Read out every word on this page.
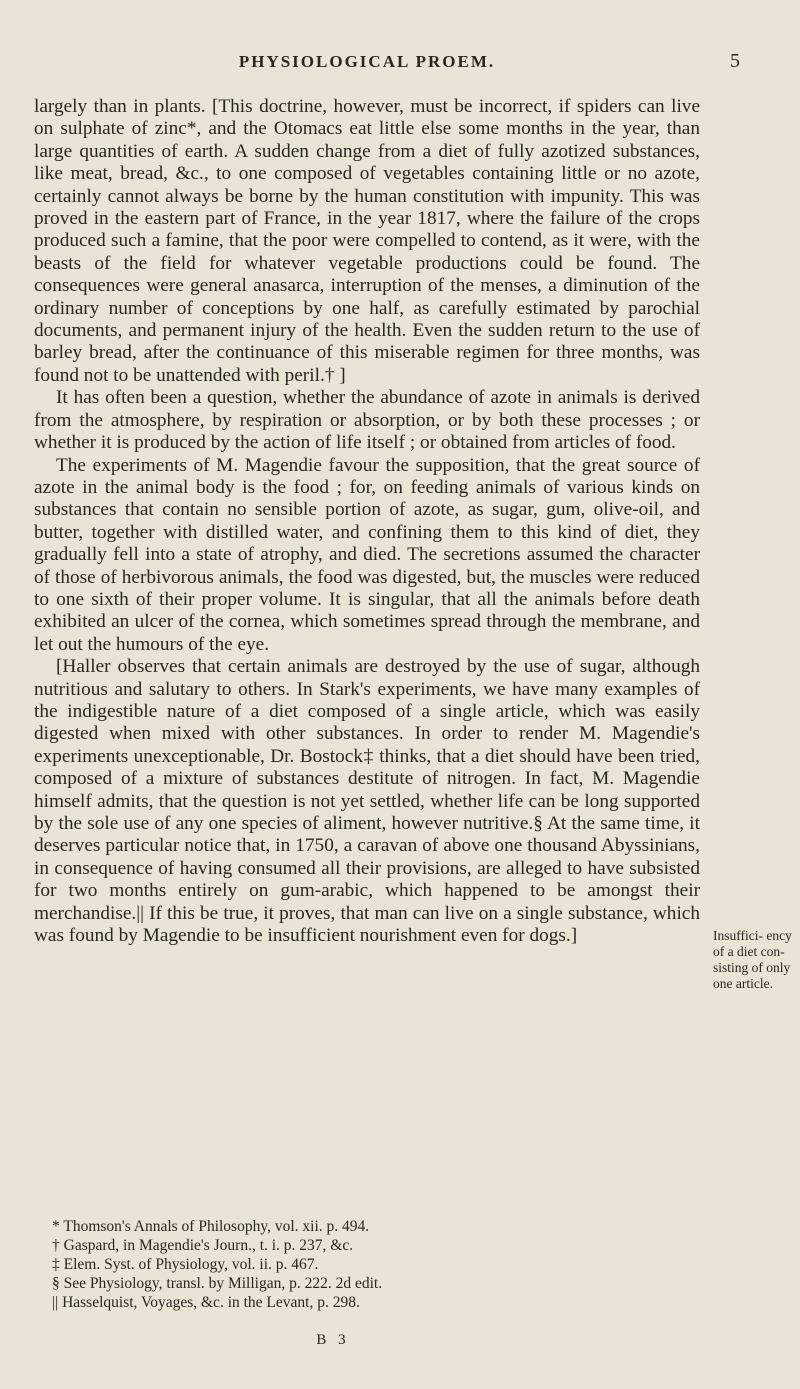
PHYSIOLOGICAL PROEM.	5

largely than in plants. [This doctrine, however, must be incorrect, if spiders can live on sulphate of zinc*, and the Otomacs eat little else some months in the year, than large quantities of earth. A sudden change from a diet of fully azotized substances, like meat, bread, &c., to one composed of vegetables containing little or no azote, certainly cannot always be borne by the human constitution with impunity. This was proved in the eastern part of France, in the year 1817, where the failure of the crops produced such a famine, that the poor were compelled to contend, as it were, with the beasts of the field for whatever vegetable productions could be found. The consequences were general anasarca, interruption of the menses, a diminution of the ordinary number of conceptions by one half, as carefully estimated by parochial documents, and permanent injury of the health. Even the sudden return to the use of barley bread, after the continuance of this miserable regimen for three months, was found not to be unattended with peril.† ]

It has often been a question, whether the abundance of azote in animals is derived from the atmosphere, by respiration or absorption, or by both these processes ; or whether it is produced by the action of life itself ; or obtained from articles of food.

The experiments of M. Magendie favour the supposition, that the great source of azote in the animal body is the food ; for, on feeding animals of various kinds on substances that contain no sensible portion of azote, as sugar, gum, olive-oil, and butter, together with distilled water, and confining them to this kind of diet, they gradually fell into a state of atrophy, and died. The secretions assumed the character of those of herbivorous animals, the food was digested, but, the muscles were reduced to one sixth of their proper volume. It is singular, that all the animals before death exhibited an ulcer of the cornea, which sometimes spread through the membrane, and let out the humours of the eye.

[Haller observes that certain animals are destroyed by the use of sugar, although nutritious and salutary to others. In Stark's experiments, we have many examples of the indigestible nature of a diet composed of a single article, which was easily digested when mixed with other substances. In order to render M. Magendie's experiments unexceptionable, Dr. Bostock‡ thinks, that a diet should have been tried, composed of a mixture of substances destitute of nitrogen. In fact, M. Magendie himself admits, that the question is not yet settled, whether life can be long supported by the sole use of any one species of aliment, however nutritive.§ At the same time, it deserves particular notice that, in 1750, a caravan of above one thousand Abyssinians, in consequence of having consumed all their provisions, are alleged to have subsisted for two months entirely on gum-arabic, which happened to be amongst their merchandise.|| If this be true, it proves, that man can live on a single substance, which was found by Magendie to be insufficient nourishment even for dogs.]	Insuffici- ency of a diet con- sisting of only one article.
* Thomson's Annals of Philosophy, vol. xii. p. 494.
† Gaspard, in Magendie's Journ., t. i. p. 237, &c.
‡ Elem. Syst. of Physiology, vol. ii. p. 467.
§ See Physiology, transl. by Milligan, p. 222. 2d edit.
|| Hasselquist, Voyages, &c. in the Levant, p. 298.
B 3
